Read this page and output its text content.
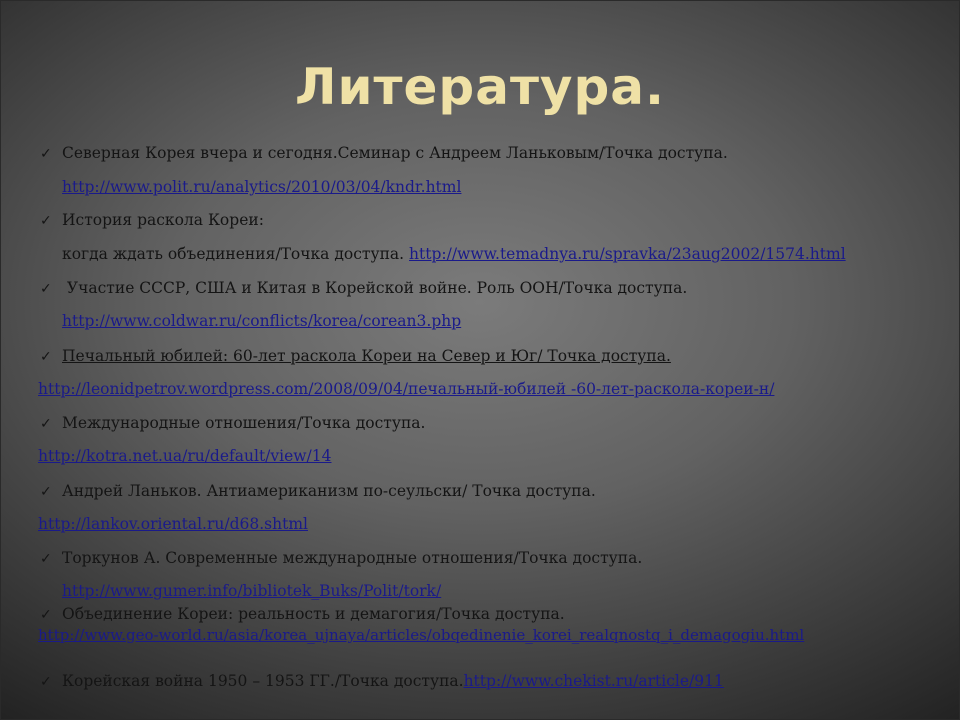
Литература.
✓ Северная Корея вчера и сегодня.Семинар с Андреем Ланьковым/Точка доступа.
http://www.polit.ru/analytics/2010/03/04/kndr.html
✓ История раскола Кореи:
когда ждать объединения/Точка доступа. http://www.temadnya.ru/spravka/23aug2002/1574.html
✓ Участие СССР, США и Китая в Корейской войне. Роль ООН/Точка доступа.
http://www.coldwar.ru/conflicts/korea/corean3.php
✓ Печальный юбилей: 60-лет раскола Кореи на Север и Юг/ Точка доступа.
http://leonidpetrov.wordpress.com/2008/09/04/печальный-юбилей -60-лет-раскола-кореи-н/
✓ Международные отношения/Точка доступа.
http://kotra.net.ua/ru/default/view/14
✓ Андрей Ланьков. Антиамериканизм по-сеульски/ Точка доступа.
http://lankov.oriental.ru/d68.shtml
✓ Торкунов А. Современные международные отношения/Точка доступа.
http://www.gumer.info/bibliotek_Buks/Polit/tork/
✓ Объединение Кореи: реальность и демагогия/Точка доступа.
http://www.geo-world.ru/asia/korea_ujnaya/articles/obqedinenie_korei_realqnostq_i_demagogiu.html
✓ Корейская война 1950 – 1953 ГГ./Точка доступа.http://www.chekist.ru/article/911
